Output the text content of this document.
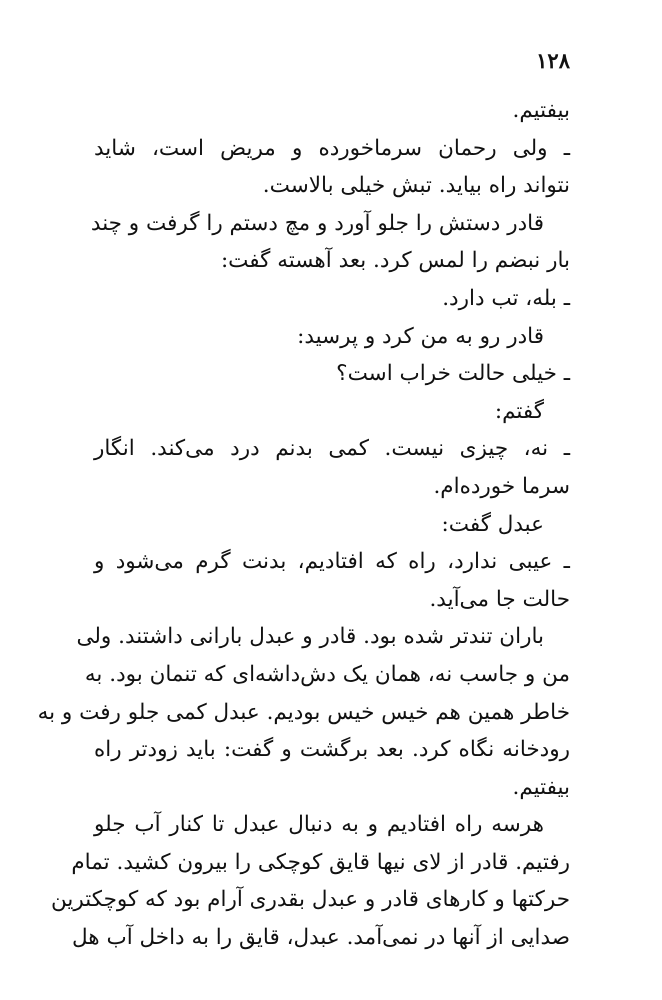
۱۲۸
بیفتیم.
ـ ولی رحمان سرماخورده و مریض است، شاید
نتواند راه بیاید. تبش خیلی بالاست.
قادر دستش را جلو آورد و مچ دستم را گرفت و چند
بار نبضم را لمس کرد. بعد آهسته گفت:
ـ بله، تب دارد.
قادر رو به من کرد و پرسید:
ـ خیلی حالت خراب است؟
گفتم:
ـ نه، چیزی نیست. کمی بدنم درد می‌کند. انگار
سرما خورده‌ام.
عبدل گفت:
ـ عیبی ندارد، راه که افتادیم، بدنت گرم می‌شود و
حالت جا می‌آید.
باران تندتر شده بود. قادر و عبدل بارانی داشتند. ولی
من و جاسب نه، همان یک دش‌داشه‌ای که تنمان بود. به
خاطر همین هم خیس خیس بودیم. عبدل کمی جلو رفت و به
رودخانه نگاه کرد. بعد برگشت و گفت: باید زودتر راه
بیفتیم.
هرسه راه افتادیم و به دنبال عبدل تا کنار آب جلو
رفتیم. قادر از لای نیها قایق کوچکی را بیرون کشید. تمام
حرکتها و کارهای قادر و عبدل بقدری آرام بود که کوچکترین
صدایی از آنها در نمی‌آمد. عبدل، قایق را به داخل آب هل
